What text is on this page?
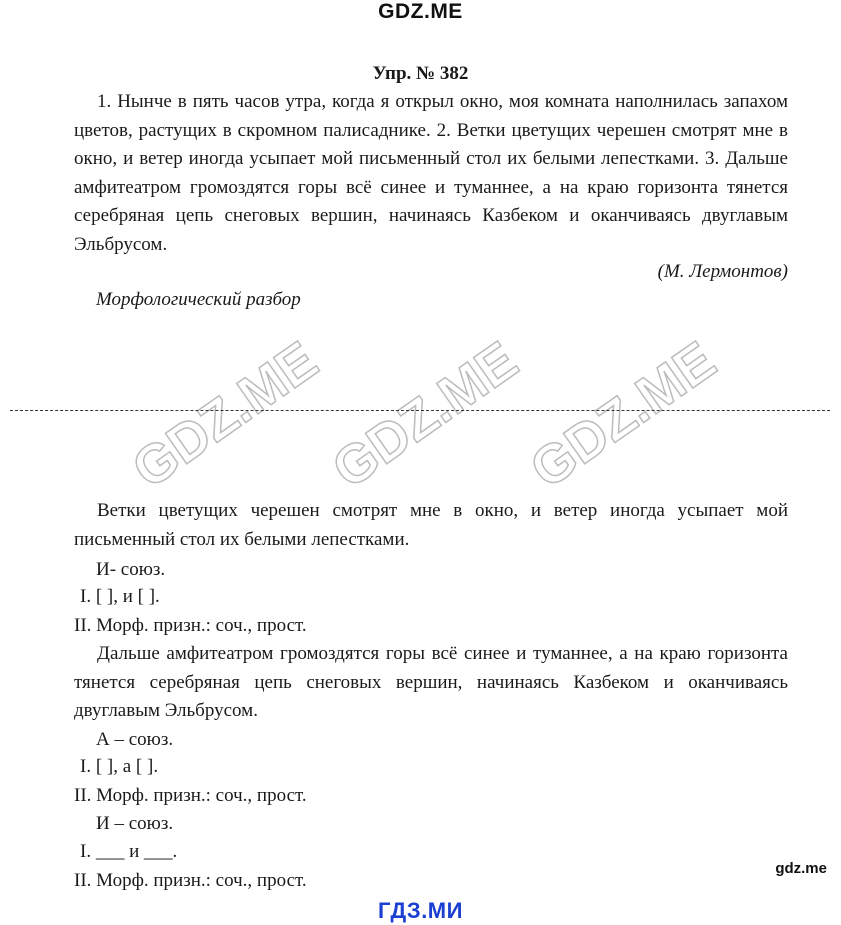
GDZ.ME
Упр. № 382
1. Нынче в пять часов утра, когда я открыл окно, моя комната наполнилась запахом цветов, растущих в скромном палисаднике. 2. Ветки цветущих черешен смотрят мне в окно, и ветер иногда усыпает мой письменный стол их белыми лепестками. 3. Дальше амфитеатром громоздятся горы всё синее и туманнее, а на краю горизонта тянется серебряная цепь снеговых вершин, начинаясь Казбеком и оканчиваясь двуглавым Эльбрусом.
(М. Лермонтов)
Морфологический разбор
GDZ.ME
GDZ.ME
GDZ.ME
Ветки цветущих черешен смотрят мне в окно, и ветер иногда усыпает мой письменный стол их белыми лепестками.
И- союз.
I. [ ], и [ ].
II. Морф. призн.: соч., прост.
Дальше амфитеатром громоздятся горы всё синее и туманнее, а на краю горизонта тянется серебряная цепь снеговых вершин, начинаясь Казбеком и оканчиваясь двуглавым Эльбрусом.
А – союз.
I. [ ], а [ ].
II. Морф. призн.: соч., прост.
И – союз.
I. ___ и ___.
II. Морф. призн.: соч., прост.
gdz.me
ГДЗ.МИ
